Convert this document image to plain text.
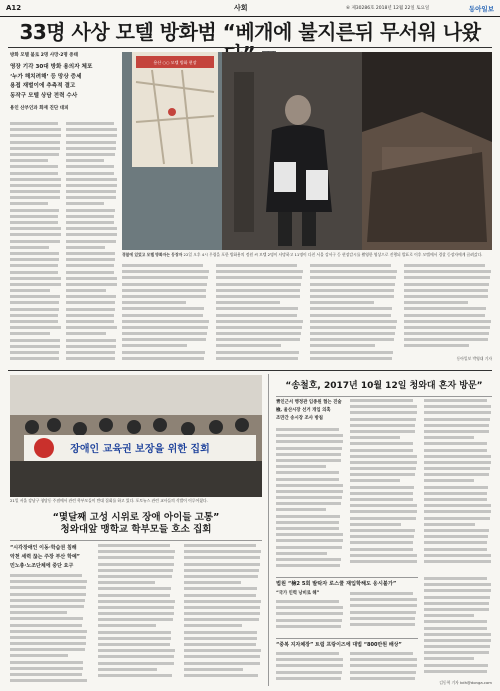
A12	사회	⑥ 제30286호 2018년 12월 22일 토요일	동아일보
33명 사상 모텔 방화범 “베개에 불지른뒤 무서워 나왔
방화 모텔 불로 2명 사망·2명 중태
영장 기각 30대 방화 용의자 체포
‘누가 해치려해’ 등 망상 증세
용접 재벌이에 추측적 결고
동작구 모텔 상담 전력 수사
용인 산부인과 화재 진단 대피
용산 ○○ 모텔 방화 현장
경찰에 있었고 모텔 방화자는 등장자 22일 오후 4시 무렵을 포한 방화용의 정원 씨 모텔 2명이 사망하고 11명이 다친 서울 강서구 등 현장감시를 촬영한 영상으로 진행되 발표로 이후 모텔에서 경찰 등장자에게 끌려갔다.
동아일보 박영대 기자
장애인 교육권 보장을 위한 집회
21일 서울 강남구 청담동 주점에서 관련 학부모들이 반대 집회를 하고 있다. 포토뉴스 관련 교사들의 삭발이 이루어졌다.
“몇달째 고성 시위로 장애 아이들 고통”
청와대앞 맹학교 학부모들 호소 집회
“시각장애인 이동·학습권 침해
악천 세력 끊는 주장 부산 학예”
민노총·노조단체에 중단 요구
“송철호, 2017년 10월 12일 청와대 혼자 방문”
靑인근서 행정관 임종원 협는 진술
檢, 울산시장 선거 개입 의혹
조만간 송시장 조사 방침
법원 “檢2 5회 발탁자 로스쿨 재입학해도 응시불가”
“국가 인력 낭비로 해”
“중복 지자체장” 트럼 프랑이즈에 대법 “800만원 배상”
김동혁 기자 kdh@donga.com
